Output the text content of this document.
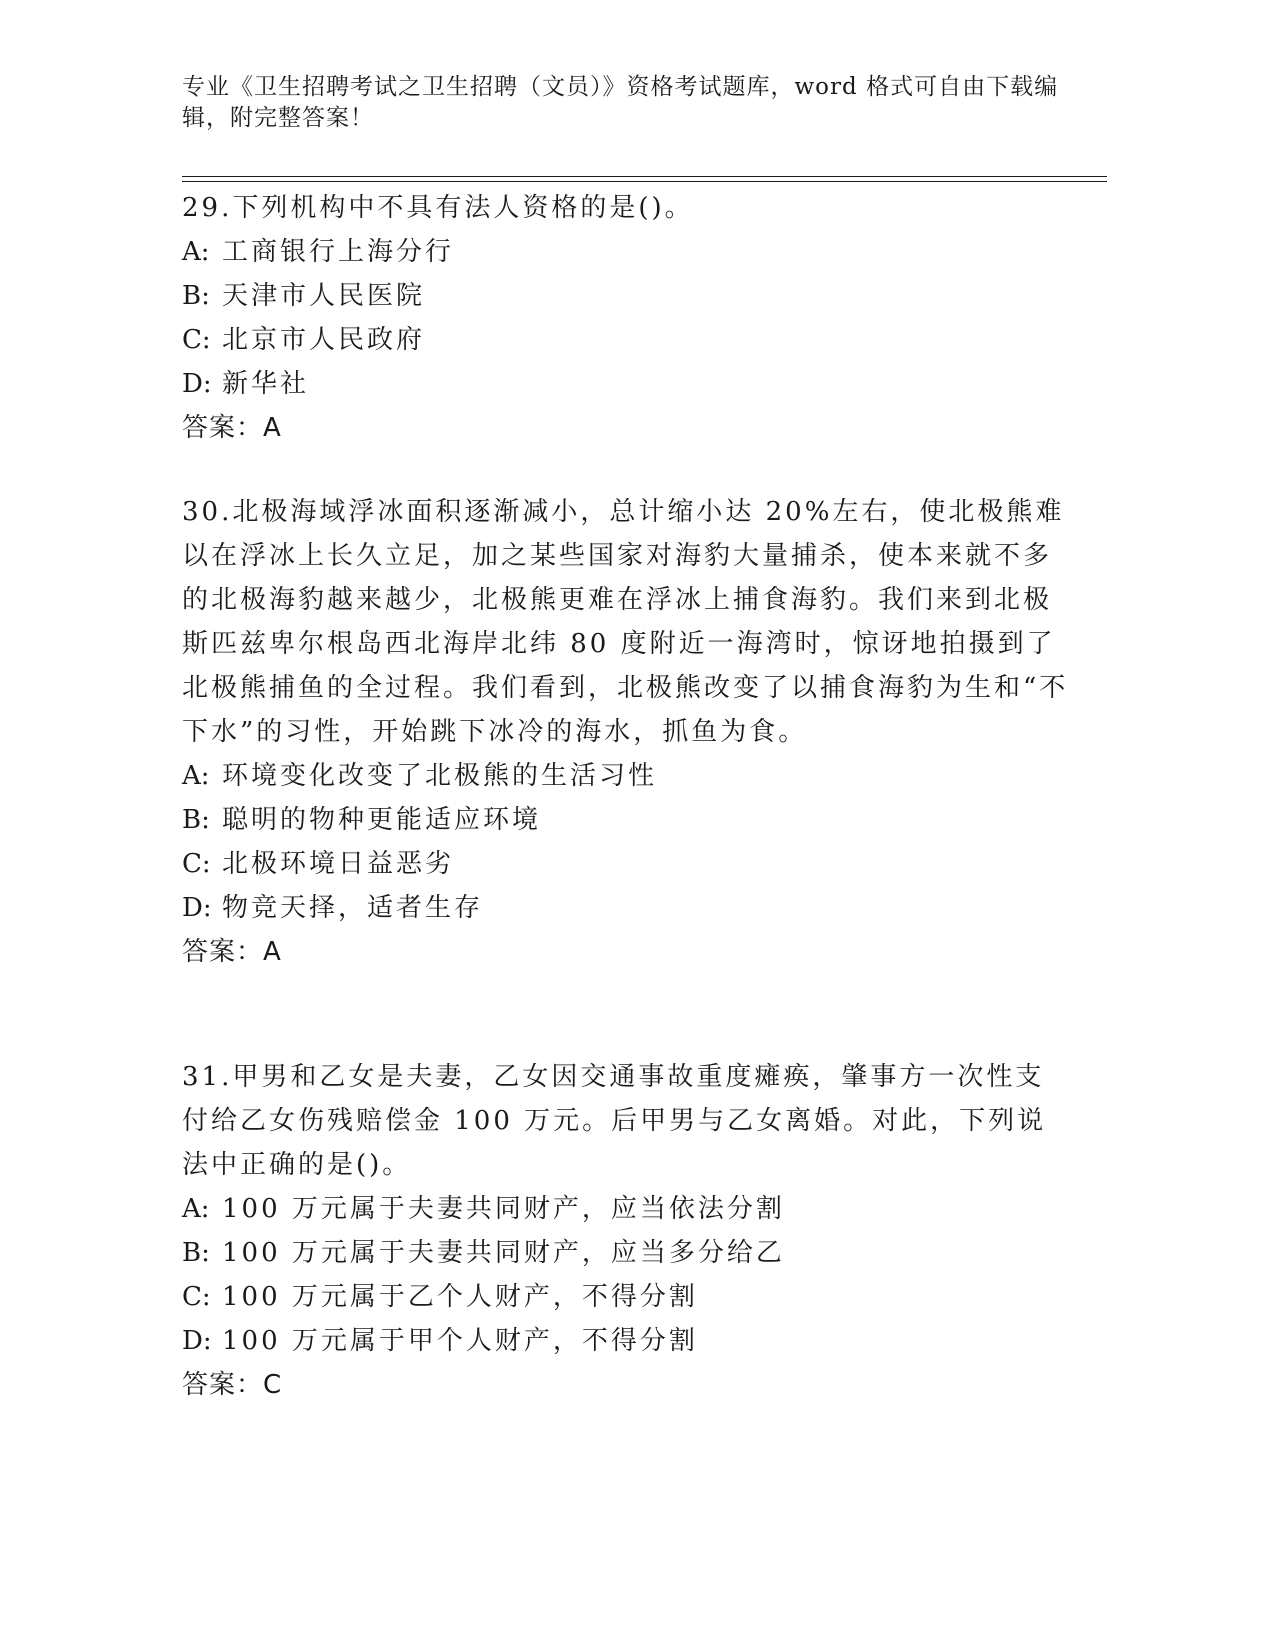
专业《卫生招聘考试之卫生招聘（文员）》资格考试题库，word 格式可自由下载编辑，附完整答案！

29.下列机构中不具有法人资格的是()。

A: 工商银行上海分行

B: 天津市人民医院

C: 北京市人民政府

D: 新华社

答案：A

30.北极海域浮冰面积逐渐减小，总计缩小达 20%左右，使北极熊难以在浮冰上长久立足，加之某些国家对海豹大量捕杀，使本来就不多的北极海豹越来越少，北极熊更难在浮冰上捕食海豹。我们来到北极斯匹兹卑尔根岛西北海岸北纬 80 度附近一海湾时，惊讶地拍摄到了北极熊捕鱼的全过程。我们看到，北极熊改变了以捕食海豹为生和“不下水”的习性，开始跳下冰冷的海水，抓鱼为食。

A: 环境变化改变了北极熊的生活习性

B: 聪明的物种更能适应环境

C: 北极环境日益恶劣

D: 物竞天择，适者生存

答案：A

31.甲男和乙女是夫妻，乙女因交通事故重度瘫痪，肇事方一次性支付给乙女伤残赔偿金 100 万元。后甲男与乙女离婚。对此，下列说法中正确的是()。

A: 100 万元属于夫妻共同财产，应当依法分割

B: 100 万元属于夫妻共同财产，应当多分给乙

C: 100 万元属于乙个人财产，不得分割

D: 100 万元属于甲个人财产，不得分割

答案：C
